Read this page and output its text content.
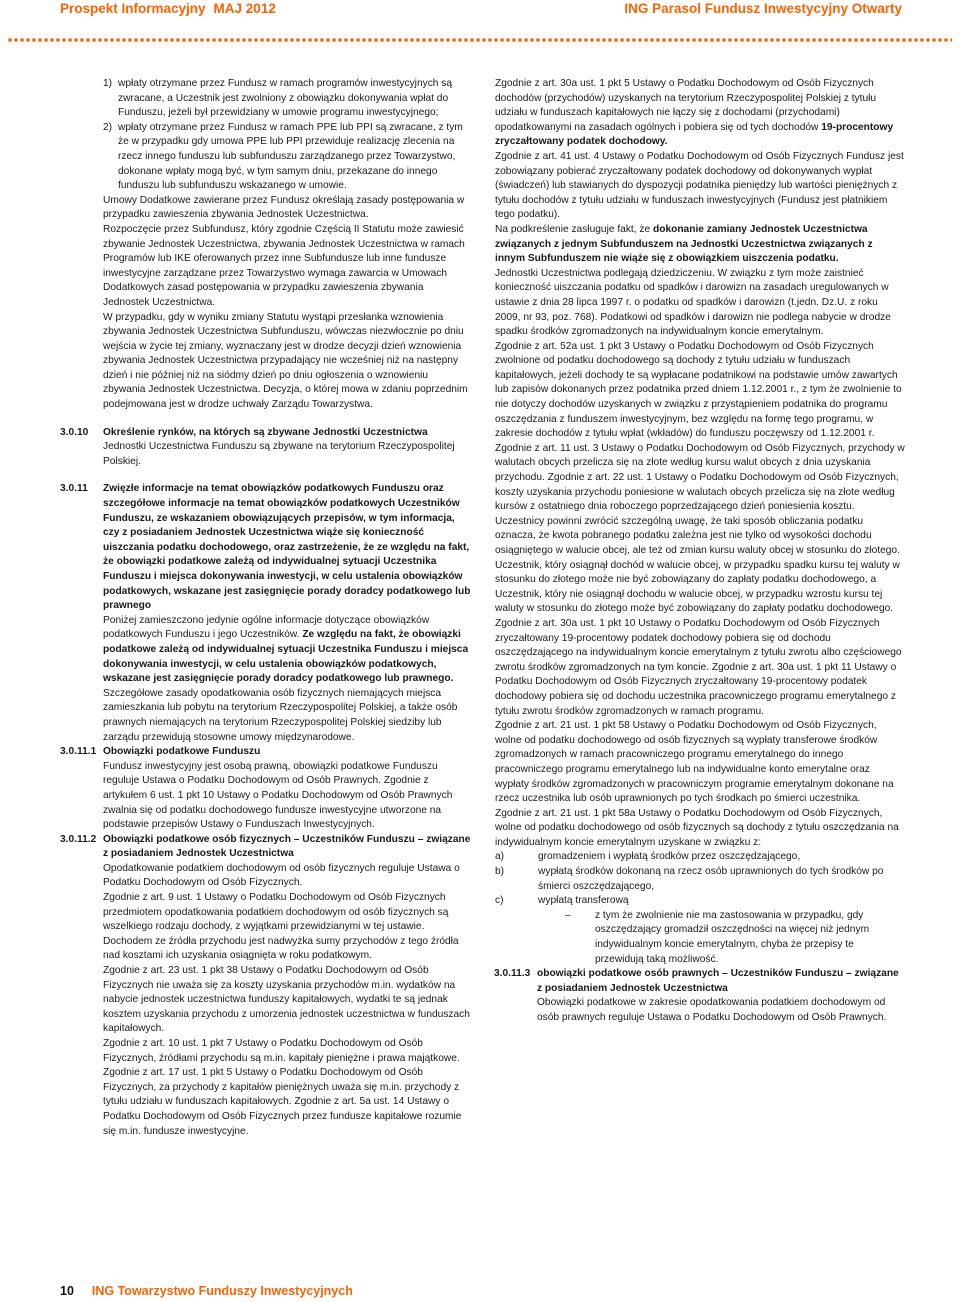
Prospekt Informacyjny MAJ 2012	ING Parasol Fundusz Inwestycyjny Otwarty
1) wpłaty otrzymane przez Fundusz w ramach programów inwestycyjnych są zwracane, a Uczestnik jest zwolniony z obowiązku dokonywania wpłat do Funduszu, jeżeli był przewidziany w umowie programu inwestycyjnego;

2) wpłaty otrzymane przez Fundusz w ramach PPE lub PPI są zwracane, z tym że w przypadku gdy umowa PPE lub PPI przewiduje realizację zlecenia na rzecz innego funduszu lub subfunduszu zarządzanego przez Towarzystwo, dokonane wpłaty mogą być, w tym samym dniu, przekazane do innego funduszu lub subfunduszu wskazanego w umowie.

Umowy Dodatkowe zawierane przez Fundusz określają zasady postępowania w przypadku zawieszenia zbywania Jednostek Uczestnictwa.

Rozpoczęcie przez Subfundusz, który zgodnie Częścią II Statutu może zawiesić zbywanie Jednostek Uczestnictwa, zbywania Jednostek Uczestnictwa w ramach Programów lub IKE oferowanych przez inne Subfundusze lub inne fundusze inwestycyjne zarządzane przez Towarzystwo wymaga zawarcia w Umowach Dodatkowych zasad postępowania w przypadku zawieszenia zbywania Jednostek Uczestnictwa.

W przypadku, gdy w wyniku zmiany Statutu wystąpi przesłanka wznowienia zbywania Jednostek Uczestnictwa Subfunduszu, wówczas niezwłocznie po dniu wejścia w życie tej zmiany, wyznaczany jest w drodze decyzji dzień wznowienia zbywania Jednostek Uczestnictwa przypadający nie wcześniej niż na następny dzień i nie później niż na siódmy dzień po dniu ogłoszenia o wznowieniu zbywania Jednostek Uczestnictwa. Decyzja, o której mowa w zdaniu poprzednim podejmowana jest w drodze uchwały Zarządu Towarzystwa.

3.0.10 Określenie rynków, na których są zbywane Jednostki Uczestnictwa

Jednostki Uczestnictwa Funduszu są zbywane na terytorium Rzeczypospolitej Polskiej.

3.0.11 Zwięzłe informacje na temat obowiązków podatkowych Funduszu oraz szczegółowe informacje na temat obowiązków podatkowych Uczestników Funduszu, ze wskazaniem obowiązujących przepisów, w tym informacja, czy z posiadaniem Jednostek Uczestnictwa wiąże się konieczność uiszczania podatku dochodowego, oraz zastrzeżenie, że ze względu na fakt, że obowiązki podatkowe zależą od indywidualnej sytuacji Uczestnika Funduszu i miejsca dokonywania inwestycji, w celu ustalenia obowiązków podatkowych, wskazane jest zasięgnięcie porady doradcy podatkowego lub prawnego

Poniżej zamieszczono jedynie ogólne informacje dotyczące obowiązków podatkowych Funduszu i jego Uczestników. Ze względu na fakt, że obowiązki podatkowe zależą od indywidualnej sytuacji Uczestnika Funduszu i miejsca dokonywania inwestycji, w celu ustalenia obowiązków podatkowych, wskazane jest zasięgnięcie porady doradcy podatkowego lub prawnego. Szczegółowe zasady opodatkowania osób fizycznych niemających miejsca zamieszkania lub pobytu na terytorium Rzeczypospolitej Polskiej, a także osób prawnych niemających na terytorium Rzeczypospolitej Polskiej siedziby lub zarządu przewidują stosowne umowy międzynarodowe.

3.0.11.1 Obowiązki podatkowe Funduszu

Fundusz inwestycyjny jest osobą prawną, obowiązki podatkowe Funduszu reguluje Ustawa o Podatku Dochodowym od Osób Prawnych. Zgodnie z artykułem 6 ust. 1 pkt 10 Ustawy o Podatku Dochodowym od Osób Prawnych zwalnia się od podatku dochodowego fundusze inwestycyjne utworzone na podstawie przepisów Ustawy o Funduszach Inwestycyjnych.

3.0.11.2 Obowiązki podatkowe osób fizycznych – Uczestników Funduszu – związane z posiadaniem Jednostek Uczestnictwa

Opodatkowanie podatkiem dochodowym od osób fizycznych reguluje Ustawa o Podatku Dochodowym od Osób Fizycznych.

Zgodnie z art. 9 ust. 1 Ustawy o Podatku Dochodowym od Osób Fizycznych przedmiotem opodatkowania podatkiem dochodowym od osób fizycznych są wszelkiego rodzaju dochody, z wyjątkami przewidzianymi w tej ustawie. Dochodem ze źródła przychodu jest nadwyżka sumy przychodów z tego źródła nad kosztami ich uzyskania osiągnięta w roku podatkowym.

Zgodnie z art. 23 ust. 1 pkt 38 Ustawy o Podatku Dochodowym od Osób Fizycznych nie uważa się za koszty uzyskania przychodów m.in. wydatków na nabycie jednostek uczestnictwa funduszy kapitałowych, wydatki te są jednak kosztem uzyskania przychodu z umorzenia jednostek uczestnictwa w funduszach kapitałowych.

Zgodnie z art. 10 ust. 1 pkt 7 Ustawy o Podatku Dochodowym od Osób Fizycznych, źródłami przychodu są m.in. kapitały pieniężne i prawa majątkowe.

Zgodnie z art. 17 ust. 1 pkt 5 Ustawy o Podatku Dochodowym od Osób Fizycznych, za przychody z kapitałów pieniężnych uważa się m.in. przychody z tytułu udziału w funduszach kapitałowych. Zgodnie z art. 5a ust. 14 Ustawy o Podatku Dochodowym od Osób Fizycznych przez fundusze kapitałowe rozumie się m.in. fundusze inwestycyjne.

Zgodnie z art. 30a ust. 1 pkt 5 Ustawy o Podatku Dochodowym od Osób Fizycznych dochodów (przychodów) uzyskanych na terytorium Rzeczypospolitej Polskiej z tytułu udziału w funduszach kapitałowych nie łączy się z dochodami (przychodami) opodatkowanymi na zasadach ogólnych i pobiera się od tych dochodów 19-procentowy zryczałtowany podatek dochodowy.

Zgodnie z art. 41 ust. 4 Ustawy o Podatku Dochodowym od Osób Fizycznych Fundusz jest zobowiązany pobierać zryczałtowany podatek dochodowy od dokonywanych wypłat (świadczeń) lub stawianych do dyspozycji podatnika pieniędzy lub wartości pieniężnych z tytułu dochodów z tytułu udziału w funduszach inwestycyjnych (Fundusz jest płatnikiem tego podatku).

Na podkreślenie zasługuje fakt, że dokonanie zamiany Jednostek Uczestnictwa związanych z jednym Subfunduszem na Jednostki Uczestnictwa związanych z innym Subfunduszem nie wiąże się z obowiązkiem uiszczenia podatku.

Jednostki Uczestnictwa podlegają dziedziczeniu. W związku z tym może zaistnieć konieczność uiszczania podatku od spadków i darowizn na zasadach uregulowanych w ustawie z dnia 28 lipca 1997 r. o podatku od spadków i darowizn (t.jedn. Dz.U. z roku 2009, nr 93, poz. 768). Podatkowi od spadków i darowizn nie podlega nabycie w drodze spadku środków zgromadzonych na indywidualnym koncie emerytalnym.

Zgodnie z art. 52a ust. 1 pkt 3 Ustawy o Podatku Dochodowym od Osób Fizycznych zwolnione od podatku dochodowego są dochody z tytułu udziału w funduszach kapitałowych, jeżeli dochody te są wypłacane podatnikowi na podstawie umów zawartych lub zapisów dokonanych przez podatnika przed dniem 1.12.2001 r., z tym że zwolnienie to nie dotyczy dochodów uzyskanych w związku z przystąpieniem podatnika do programu oszczędzania z funduszem inwestycyjnym, bez względu na formę tego programu, w zakresie dochodów z tytułu wpłat (wkładów) do funduszu poczęwszy od 1.12.2001 r.

Zgodnie z art. 11 ust. 3 Ustawy o Podatku Dochodowym od Osób Fizycznych, przychody w walutach obcych przelicza się na złote według kursu walut obcych z dnia uzyskania przychodu. Zgodnie z art. 22 ust. 1 Ustawy o Podatku Dochodowym od Osób Fizycznych, koszty uzyskania przychodu poniesione w walutach obcych przelicza się na złote według kursów z ostatniego dnia roboczego poprzedzającego dzień poniesienia kosztu. Uczestnicy powinni zwrócić szczególną uwagę, że taki sposób obliczania podatku oznacza, że kwota pobranego podatku zależna jest nie tylko od wysokości dochodu osiągniętego w walucie obcej, ale też od zmian kursu waluty obcej w stosunku do złotego. Uczestnik, który osiągnął dochód w walucie obcej, w przypadku spadku kursu tej waluty w stosunku do złotego może nie być zobowiązany do zapłaty podatku dochodowego, a Uczestnik, który nie osiągnął dochodu w walucie obcej, w przypadku wzrostu kursu tej waluty w stosunku do złotego może być zobowiązany do zapłaty podatku dochodowego.

Zgodnie z art. 30a ust. 1 pkt 10 Ustawy o Podatku Dochodowym od Osób Fizycznych zryczałtowany 19-procentowy podatek dochodowy pobiera się od dochodu oszczędzającego na indywidualnym koncie emerytalnym z tytułu zwrotu albo częściowego zwrotu środków zgromadzonych na tym koncie. Zgodnie z art. 30a ust. 1 pkt 11 Ustawy o Podatku Dochodowym od Osób Fizycznych zryczałtowany 19-procentowy podatek dochodowy pobiera się od dochodu uczestnika pracowniczego programu emerytalnego z tytułu zwrotu środków zgromadzonych w ramach programu.

Zgodnie z art. 21 ust. 1 pkt 58 Ustawy o Podatku Dochodowym od Osób Fizycznych, wolne od podatku dochodowego od osób fizycznych są wypłaty transferowe środków zgromadzonych w ramach pracowniczego programu emerytalnego do innego pracowniczego programu emerytalnego lub na indywidualne konto emerytalne oraz wypłaty środków zgromadzonych w pracowniczym programie emerytalnym dokonane na rzecz uczestnika lub osób uprawnionych po tych środkach po śmierci uczestnika.

Zgodnie z art. 21 ust. 1 pkt 58a Ustawy o Podatku Dochodowym od Osób Fizycznych, wolne od podatku dochodowego od osób fizycznych są dochody z tytułu oszczędzania na indywidualnym koncie emerytalnym uzyskane w związku z:

a)	gromadzeniem i wypłatą środków przez oszczędzającego,

b)	wypłatą środków dokonaną na rzecz osób uprawnionych do tych środków po śmierci oszczędzającego,

c)	wypłatą transferową

– z tym że zwolnienie nie ma zastosowania w przypadku, gdy oszczędzający gromadził oszczędności na więcej niż jednym indywidualnym koncie emerytalnym, chyba że przepisy te przewidują taką możliwość.

3.0.11.3 obowiązki podatkowe osób prawnych – Uczestników Funduszu – związane z posiadaniem Jednostek Uczestnictwa

Obowiązki podatkowe w zakresie opodatkowania podatkiem dochodowym od osób prawnych reguluje Ustawa o Podatku Dochodowym od Osób Prawnych.

10 ING Towarzystwo Funduszy Inwestycyjnych
